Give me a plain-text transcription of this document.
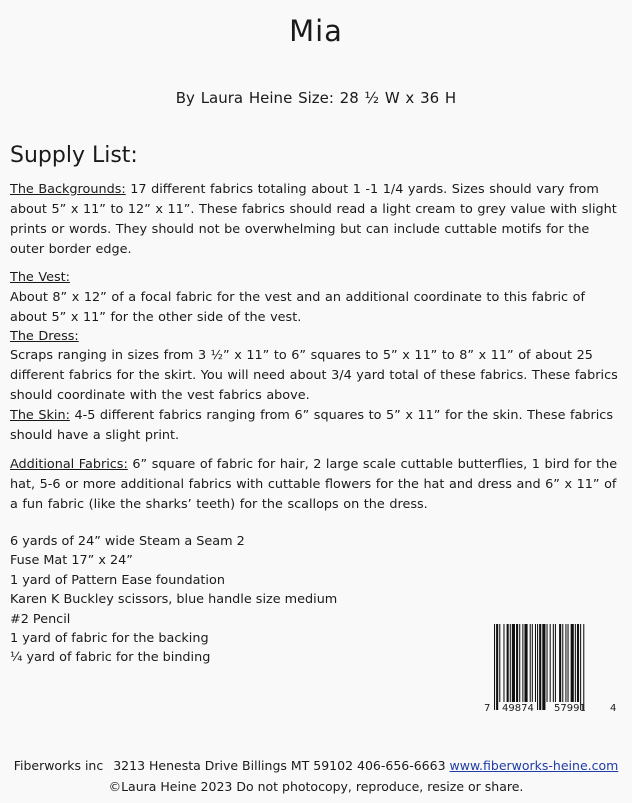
Mia
By Laura Heine Size: 28 ½ W x 36 H
Supply List:
The Backgrounds: 17 different fabrics totaling about 1 -1 1/4 yards. Sizes should vary from about 5” x 11” to 12” x 11”. These fabrics should read a light cream to grey value with slight prints or words. They should not be overwhelming but can include cuttable motifs for the outer border edge.
The Vest:
About 8” x 12” of a focal fabric for the vest and an additional coordinate to this fabric of about 5” x 11” for the other side of the vest.
The Dress:
Scraps ranging in sizes from 3 ½” x 11” to 6” squares to 5” x 11” to 8” x 11” of about 25 different fabrics for the skirt. You will need about 3/4 yard total of these fabrics. These fabrics should coordinate with the vest fabrics above.
The Skin: 4-5 different fabrics ranging from 6” squares to 5” x 11” for the skin. These fabrics should have a slight print.
Additional Fabrics: 6” square of fabric for hair, 2 large scale cuttable butterflies, 1 bird for the hat, 5-6 or more additional fabrics with cuttable flowers for the hat and dress and 6” x 11” of a fun fabric (like the sharks’ teeth) for the scallops on the dress.
6 yards of 24” wide Steam a Seam 2
Fuse Mat 17” x 24”
1 yard of Pattern Ease foundation
Karen K Buckley scissors, blue handle size medium
#2 Pencil
1 yard of fabric for the backing
¼ yard of fabric for the binding
7 49874 57991 4
Fiberworks inc 3213 Henesta Drive Billings MT 59102 406-656-6663 www.fiberworks-heine.com
©Laura Heine 2023 Do not photocopy, reproduce, resize or share.
